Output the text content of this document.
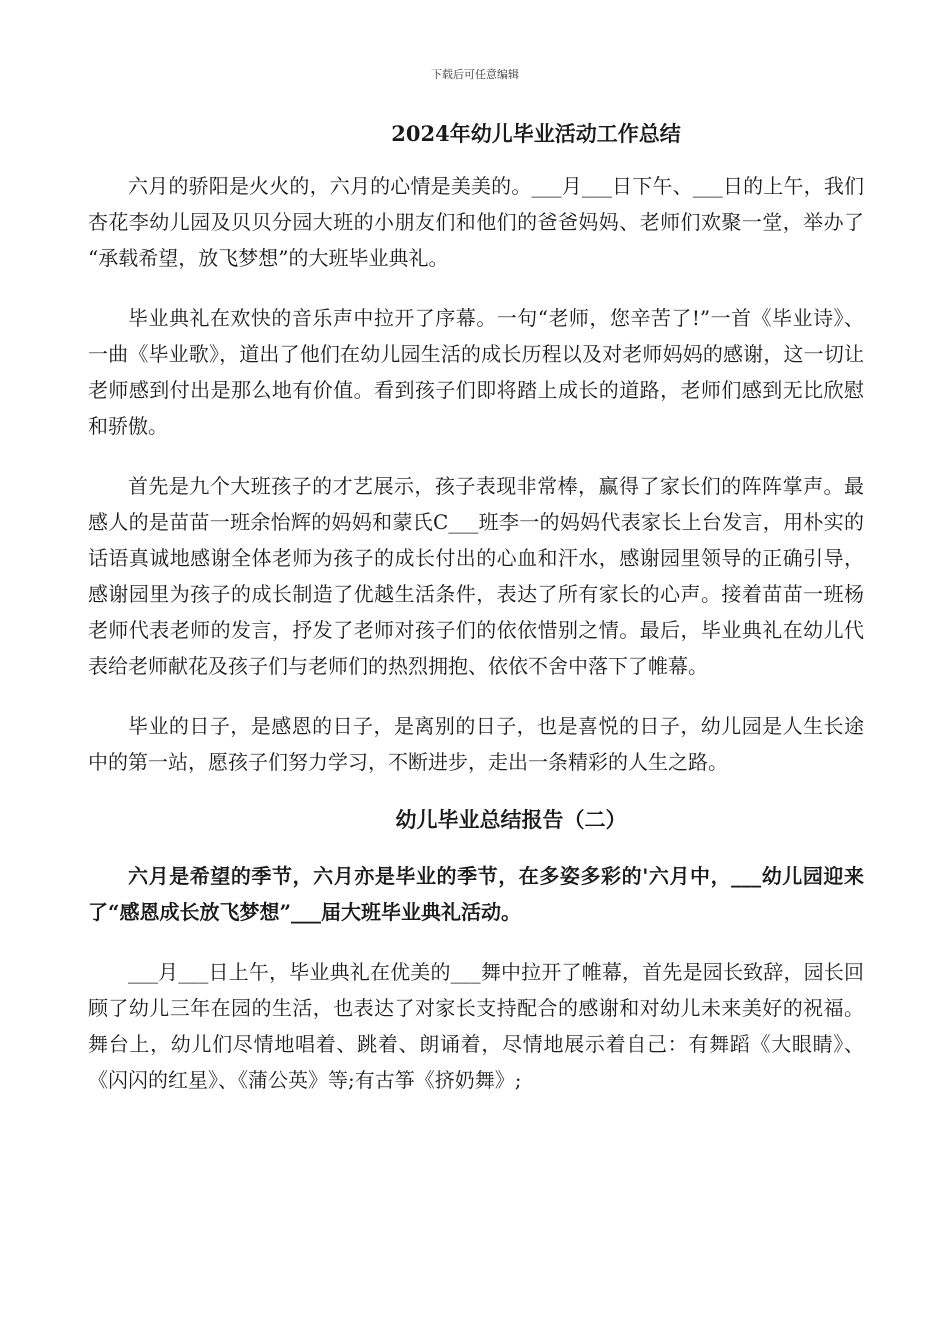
下载后可任意编辑
2024年幼儿毕业活动工作总结

六月的骄阳是火火的，六月的心情是美美的。___月___日下午、___日的上午，我们杏花李幼儿园及贝贝分园大班的小朋友们和他们的爸爸妈妈、老师们欢聚一堂，举办了 “承载希望，放飞梦想”的大班毕业典礼。

毕业典礼在欢快的音乐声中拉开了序幕。一句“老师，您辛苦了!”一首《毕业诗》、一曲《毕业歌》，道出了他们在幼儿园生活的成长历程以及对老师妈妈的感谢，这一切让老师感到付出是那么地有价值。看到孩子们即将踏上成长的道路，老师们感到无比欣慰和骄傲。

首先是九个大班孩子的才艺展示，孩子表现非常棒，赢得了家长们的阵阵掌声。最感人的是苗苗一班余怡辉的妈妈和蒙氏C___班李一的妈妈代表家长上台发言，用朴实的话语真诚地感谢全体老师为孩子的成长付出的心血和汗水，感谢园里领导的正确引导，感谢园里为孩子的成长制造了优越生活条件，表达了所有家长的心声。接着苗苗一班杨老师代表老师的发言，抒发了老师对孩子们的依依惜别之情。最后，毕业典礼在幼儿代表给老师献花及孩子们与老师们的热烈拥抱、依依不舍中落下了帷幕。

毕业的日子，是感恩的日子，是离别的日子，也是喜悦的日子，幼儿园是人生长途中的第一站，愿孩子们努力学习，不断进步，走出一条精彩的人生之路。

幼儿毕业总结报告（二）

六月是希望的季节，六月亦是毕业的季节，在多姿多彩的'六月中，___幼儿园迎来了“感恩成长放飞梦想”___届大班毕业典礼活动。

___月___日上午，毕业典礼在优美的___舞中拉开了帷幕，首先是园长致辞，园长回顾了幼儿三年在园的生活，也表达了对家长支持配合的感谢和对幼儿未来美好的祝福。舞台上，幼儿们尽情地唱着、跳着、朗诵着，尽情地展示着自己：有舞蹈《大眼睛》、《闪闪的红星》、《蒲公英》等;有古筝《挤奶舞》;
